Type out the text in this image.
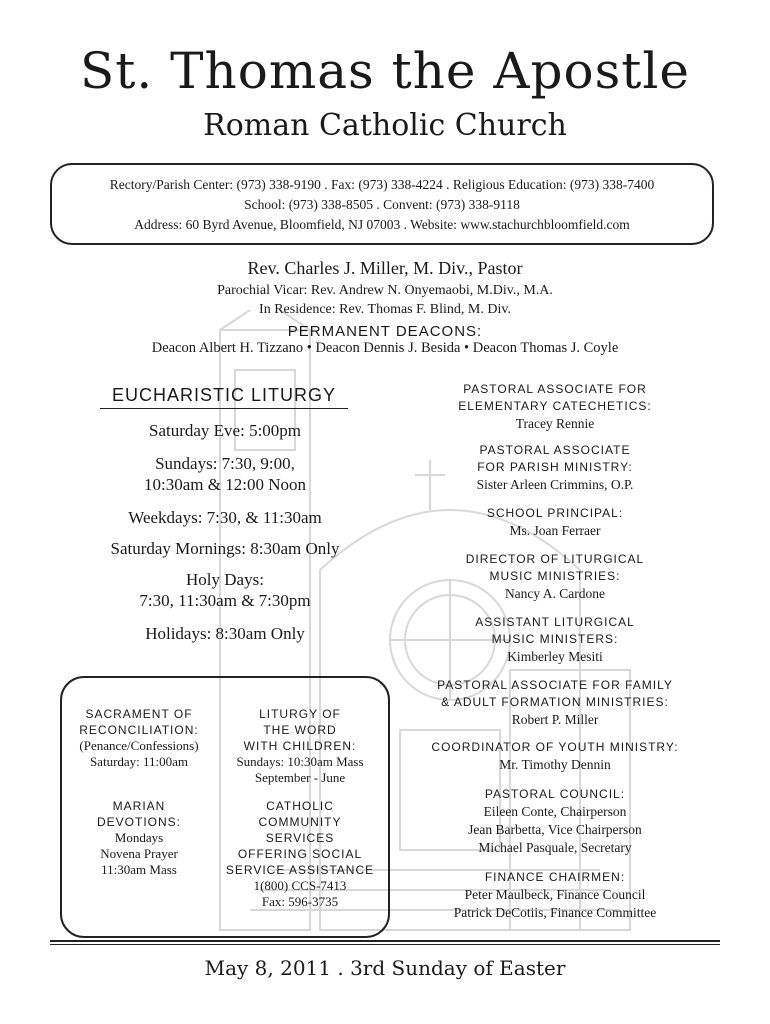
St. Thomas the Apostle
Roman Catholic Church
Rectory/Parish Center: (973) 338-9190 . Fax: (973) 338-4224 . Religious Education: (973) 338-7400
School: (973) 338-8505 . Convent: (973) 338-9118
Address: 60 Byrd Avenue, Bloomfield, NJ 07003 . Website: www.stachurchbloomfield.com
Rev. Charles J. Miller, M. Div., Pastor
Parochial Vicar: Rev. Andrew N. Onyemaobi, M.Div., M.A.
In Residence: Rev. Thomas F. Blind, M. Div.
PERMANENT DEACONS:
Deacon Albert H. Tizzano • Deacon Dennis J. Besida • Deacon Thomas J. Coyle
EUCHARISTIC LITURGY
Saturday Eve: 5:00pm
Sundays: 7:30, 9:00,
10:30am & 12:00 Noon
Weekdays: 7:30, & 11:30am
Saturday Mornings: 8:30am Only
Holy Days:
7:30, 11:30am & 7:30pm
Holidays: 8:30am Only
PASTORAL ASSOCIATE FOR
ELEMENTARY CATECHETICS:
Tracey Rennie
PASTORAL ASSOCIATE
FOR PARISH MINISTRY:
Sister Arleen Crimmins, O.P.
SCHOOL PRINCIPAL:
Ms. Joan Ferraer
DIRECTOR OF LITURGICAL
MUSIC MINISTRIES:
Nancy A. Cardone
ASSISTANT LITURGICAL
MUSIC MINISTERS:
Kimberley Mesiti
PASTORAL ASSOCIATE FOR FAMILY
& ADULT FORMATION MINISTRIES:
Robert P. Miller
COORDINATOR OF YOUTH MINISTRY:
Mr. Timothy Dennin
PASTORAL COUNCIL:
Eileen Conte, Chairperson
Jean Barbetta, Vice Chairperson
Michael Pasquale, Secretary
FINANCE CHAIRMEN:
Peter Maulbeck, Finance Council
Patrick DeCotiis, Finance Committee
SACRAMENT OF
RECONCILIATION:
(Penance/Confessions)
Saturday: 11:00am
LITURGY OF
THE WORD
WITH CHILDREN:
Sundays: 10:30am Mass
September - June
MARIAN
DEVOTIONS:
Mondays
Novena Prayer
11:30am Mass
CATHOLIC
COMMUNITY
SERVICES
OFFERING SOCIAL
SERVICE ASSISTANCE
1(800) CCS-7413
Fax: 596-3735
May 8, 2011 . 3rd Sunday of Easter
